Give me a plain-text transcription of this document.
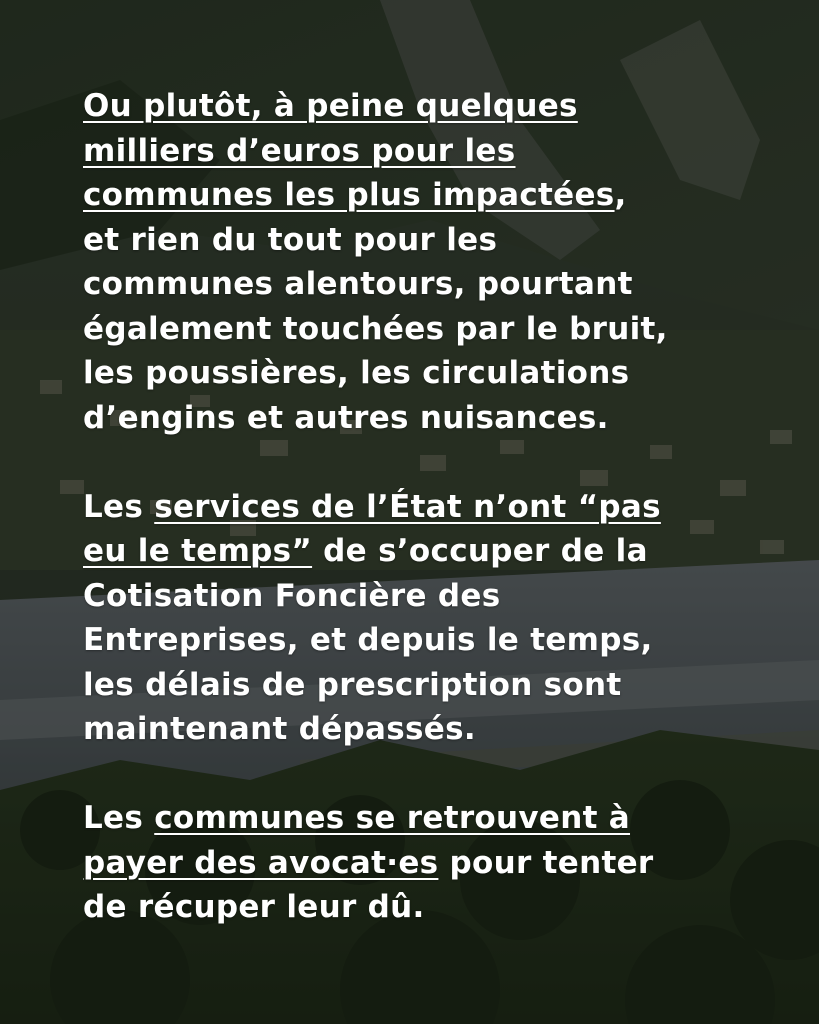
Ou plutôt, à peine quelques
milliers d’euros pour les
communes les plus impactées,
et rien du tout pour les
communes alentours, pourtant
également touchées par le bruit,
les poussières, les circulations
d’engins et autres nuisances.

Les services de l’État n’ont “pas
eu le temps” de s’occuper de la
Cotisation Foncière des
Entreprises, et depuis le temps,
les délais de prescription sont
maintenant dépassés.

Les communes se retrouvent à
payer des avocat·es pour tenter
de récuper leur dû.
